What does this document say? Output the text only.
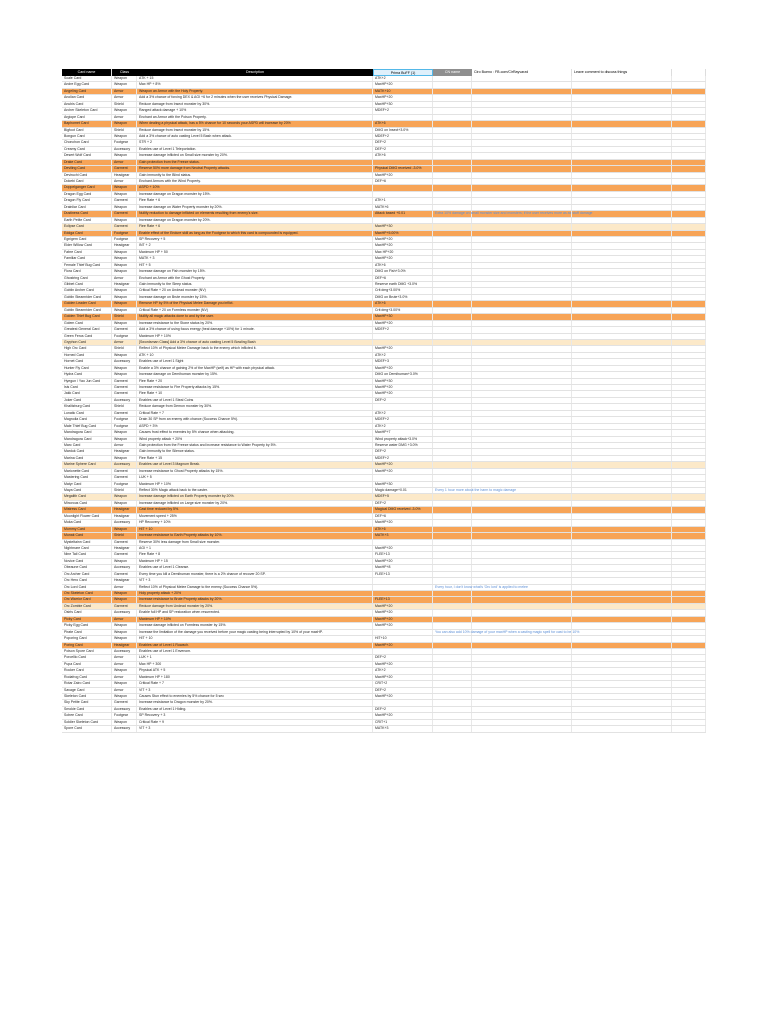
Card name	Class	Description	Prima BuFF (1)	CN name	Ciro Bueno : FB.com/CirRayvarzd	Leave comment to discuss things
Scale Card	Weapon	ATK + 15	ATK+2
Andre Egg Card	Weapon	Max HP + 8%	MaxHP+20
Angeling Card	Armor	Weapon an Armor with the Holy Property.	MATK+10
Anolian Card	Armor	Add a 3% chance of forcing DEX & AGI +6 for 2 minutes when the user receives Physical Damage.	MaxHP+20
Anubis Card	Shield	Reduce damage from Insect monster by 30%.	MaxHP+30
Archer Skeleton Card	Weapon	Ranged attack damage + 10%	MDEF+2
Argiope Card	Armor	Enchant an Armor with the Poison Property.
Baphomet Card	Weapon	When dealing a physical attack, has a 5% chance for 10 seconds your ASPD will increase by 20%	ATK+6
Bigfoot Card	Shield	Reduce damage from Insect monster by 15%.	DMG on Insect+3.0%
Bongun Card	Weapon	Add a 3% chance of auto casting Level 5 Bash when attack.	MDEF+2
Chonchon Card	Footgear	STR + 2	DEF+2
Creamy Card	Accessory	Enables use of Level 1 Teleportation.	DEF+2
Desert Wolf Card	Weapon	Increase damage inflicted on Small size monster by 20%.	ATK+6
Drake Card	Armor	Gain protection from the Freeze status.
Deviling Card	Garment	Reserve 50% more damage from Neutral Property attacks.	Physical DMG received -3.0%
Deviruchi Card	Headgear	Gain immunity to the Blind status.	MaxHP+20
Dokebi Card	Armor	Enchant Armors with the Wind Property.	DEF+6
Doppelganger Card	Weapon	ASPD + 10%
Dragon Egg Card	Weapon	Increase damage on Dragon monster by 15%.
Dragon Fly Card	Garment	Flee Rate + 6	ATK+1
Drainliar Card	Weapon	Increase damage on Water Property monster by 20%.	MATK+6
Dustiness Card	Garment	Nullify reduction to damage inflicted on elements resulting from enemy's size.	Attack based +0.01	Extra 10% damage on small monster size and monsters; if the user receives more as as stuff damage
Earth Petite Card	Weapon	Increase damage on Dragon monster by 20%.
Eclipse Card	Garment	Flee Rate + 6	MaxHP+30
Eddga Card	Footgear	Enable effect of the Endure skill as long as the Footgear to which this card is compounded is equipped.	MaxHP+5.00%
Egnigem Card	Footgear	SP Recovery + 5	MaxHP+20
Elder Willow Card	Headgear	INT + 2	MaxHP+20
Fabre Card	Weapon	Maximum HP + 50	Max HP+20
Familiar Card	Weapon	MATK + 3	MaxHP+20
Female Thief Bug Card	Weapon	HIT + 5	ATK+6
Flora Card	Weapon	Increase damage on Fish monster by 15%.	DMG on Fish+3.0%
Ghostring Card	Armor	Enchant an Armor with the Ghost Property.	DEF+6
Gibbet Card	Headgear	Gain immunity to the Sleep status.	Reserve earth DMG +3.0%
Goblin Archer Card	Weapon	Critical Rate + 20 on Undead monster (NV)	Crit dmg+3.00%
Goblin Steamrider Card	Weapon	Increase damage on Brute monster by 15%.	DMG on Brute+3.0%
Golden Leader Card	Weapon	Remove HP by 5% of the Physical Melee Damage you inflict.	ATK+6
Goblin Steamrider Card	Weapon	Critical Rate + 20 on Formless monster (NV)	Crit dmg+3.00%
Golden Thief Bug Card	Shield	Nullify all magic attacks done to and by the user.	MaxHP+30
Golem Card	Weapon	Increase resistance to the Stone status by 20%.	MaxHP+20
Greatest General Card	Garment	Add a 3% chance of using focus energy (heal damage +10%) for 1 minute.	MDEF+2
Green Ferus Card	Footgear	Maximum HP + 10%
Gryphon Card	Armor	[Swordsman Class] Add a 3% chance of auto casting Level 5 Bowling Bash
High Orc Card	Shield	Reflect 10% of Physical Melee Damage back to the enemy which inflicted it.	MaxHP+20
Horned Card	Weapon	ATK + 10	ATK+2
Hornet Card	Accessory	Enables use of Level 1 Sight	MDEF+3
Hunter Fly Card	Weapon	Enable a 3% chance of gaining 2% of the MaxHP (self) as HP with each physical attack.	MaxHP+20
Hydra Card	Weapon	Increase damage on Demihuman monster by 15%.	DMG on Demihuman+3.0%
Hyegun / Yao Jun Card	Garment	Flee Rate + 20	MaxHP+30
Isis Card	Garment	Increase resistance to Fire Property attacks by 15%.	MaxHP+20
Jakk Card	Garment	Flee Rate + 10	MaxHP+20
Joker Card	Accessory	Enables use of Level 1 Steal Coins	DEF+2
Khalitzburg Card	Shield	Reduce damage from Demon monster by 30%.
Lunatic Card	Garment	Critical Rate + 7	ATK+2
Magnolia Card	Footgear	Drain 30 SP from an enemy with chance (Success Chance 5%).	MDEF+2
Male Thief Bug Card	Footgear	ASPD + 3%	ATK+2
Mandragora Card	Weapon	Causes frost effect to enemies by 5% chance when attacking.	MaxHP+7
Mandragora Card	Weapon	Wind property attack + 20%	Wind property attack+3.0%
Marc Card	Armor	Gain protection from the Freeze status and increase resistance to Water Property by 5%.	Reserve water DMG +3.0%
Marduk Card	Headgear	Gain immunity to the Silence status.	DEF+2
Marina Card	Weapon	Flee Rate + 15	MDEF+2
Marine Sphere Card	Accessory	Enables use of Level 3 Magnum Break.	MaxHP+20
Marionette Card	Garment	Increase resistance to Ghost Property attacks by 15%.	MaxHP+20
Mastering Card	Garment	LUK + 5
Matyr Card	Footgear	Maximum HP + 10%	MaxHP+30
Maya Card	Shield	Reflect 30% Magic attack back to the caster.	Magic damage+0.01	Every 1 hour more about the harm to magic damage
Megalith Card	Weapon	Increase damage inflicted on Earth Property monster by 20%.	MDEF+5
Minorous Card	Weapon	Increase damage inflicted on Large size monster by 20%.	DEF+2
Mistress Card	Headgear	Cast time reduced by 5%.	Magical DMG received -3.0%
Moonlight Flower Card	Headgear	Movement speed + 25%	DEF+6
Muka Card	Accessory	HP Recovery + 10%	MaxHP+20
Mummy Card	Weapon	HIT + 10	ATK+6
Munak Card	Shield	Increase resistance to Earth Property attacks by 10%.	MATK+3
Mysteltainn Card	Garment	Reserve 30% less damage from Small size monster.
Nightmare Card	Headgear	AGI + 1	MaxHP+20
Nine Tail Card	Garment	Flee Rate + 8	FLEE+13
Novice Card	Weapon	Maximum HP + 15	MaxHP+20
Obeaune Card	Accessory	Enables use of Level 1 Cleanse.	MaxHP+8
Orc Archer Card	Garment	Every time you kill a Demihuman monster, there is a 2% chance of recover 20 SP.	FLEE+13
Orc Hero Card	Headgear	VIT + 3
Orc Lord Card	Armor	Reflect 10% of Physical Melee Damage to the enemy (Success Chance 5%).	Every hour, I don't know what's 'Orc lord' is applied to melee
Orc Skeleton Card	Weapon	Holy property attack + 20%
Orc Warrior Card	Weapon	Increase resistance to Brute Property attacks by 20%.	FLEE+13
Orc Zombie Card	Garment	Reduce damage from Undead monster by 20%.	MaxHP+20
Osiris Card	Accessory	Enable full HP and SP restoration when resurrected.	MaxHP+20
Picky Card	Armor	Maximum HP + 10%	MaxHP+20
Picky Egg Card	Weapon	Increase damage inflicted on Formless monster by 15%.	MaxHP+20
Pirate Card	Weapon	Increase the limitation of the damage you received before your magic casting being interrupted by 10% of your maxHP.	You can also add 10% damage of your maxHP when a casting magic spell for cast to be 10%
Poporing Card	Weapon	HIT + 10	HIT+10
Poring Card	Headgear	Enables use of Level 1 Ruwach.	MaxHP+20
Poison Spore Card	Accessory	Enables use of Level 1 Envenom.
Porcellio Card	Armor	LUK + 1	DEF+2
Pupa Card	Armor	Max HP + 300	MaxHP+20
Rocker Card	Weapon	Physical ATK + 5	ATK+2
Rodafrog Card	Armor	Maximum HP + 180	MaxHP+20
Rotar Zairo Card	Weapon	Critical Rate + 7	CRIT+2
Savage Card	Armor	VIT + 3	DEF+2
Skeleton Card	Weapon	Causes Stun effect to enemies by 5% chance for 5 sec	MaxHP+20
Sky Petite Card	Garment	Increase resistance to Dragon monster by 20%.
Smokie Card	Accessory	Enables use of Level 1 Hiding.	DEF+2
Sohee Card	Footgear	SP Recovery + 3	MaxHP+20
Soldier Skeleton Card	Weapon	Critical Rate + 9	CRIT+1
Spore Card	Accessory	VIT + 3	MATK+3
